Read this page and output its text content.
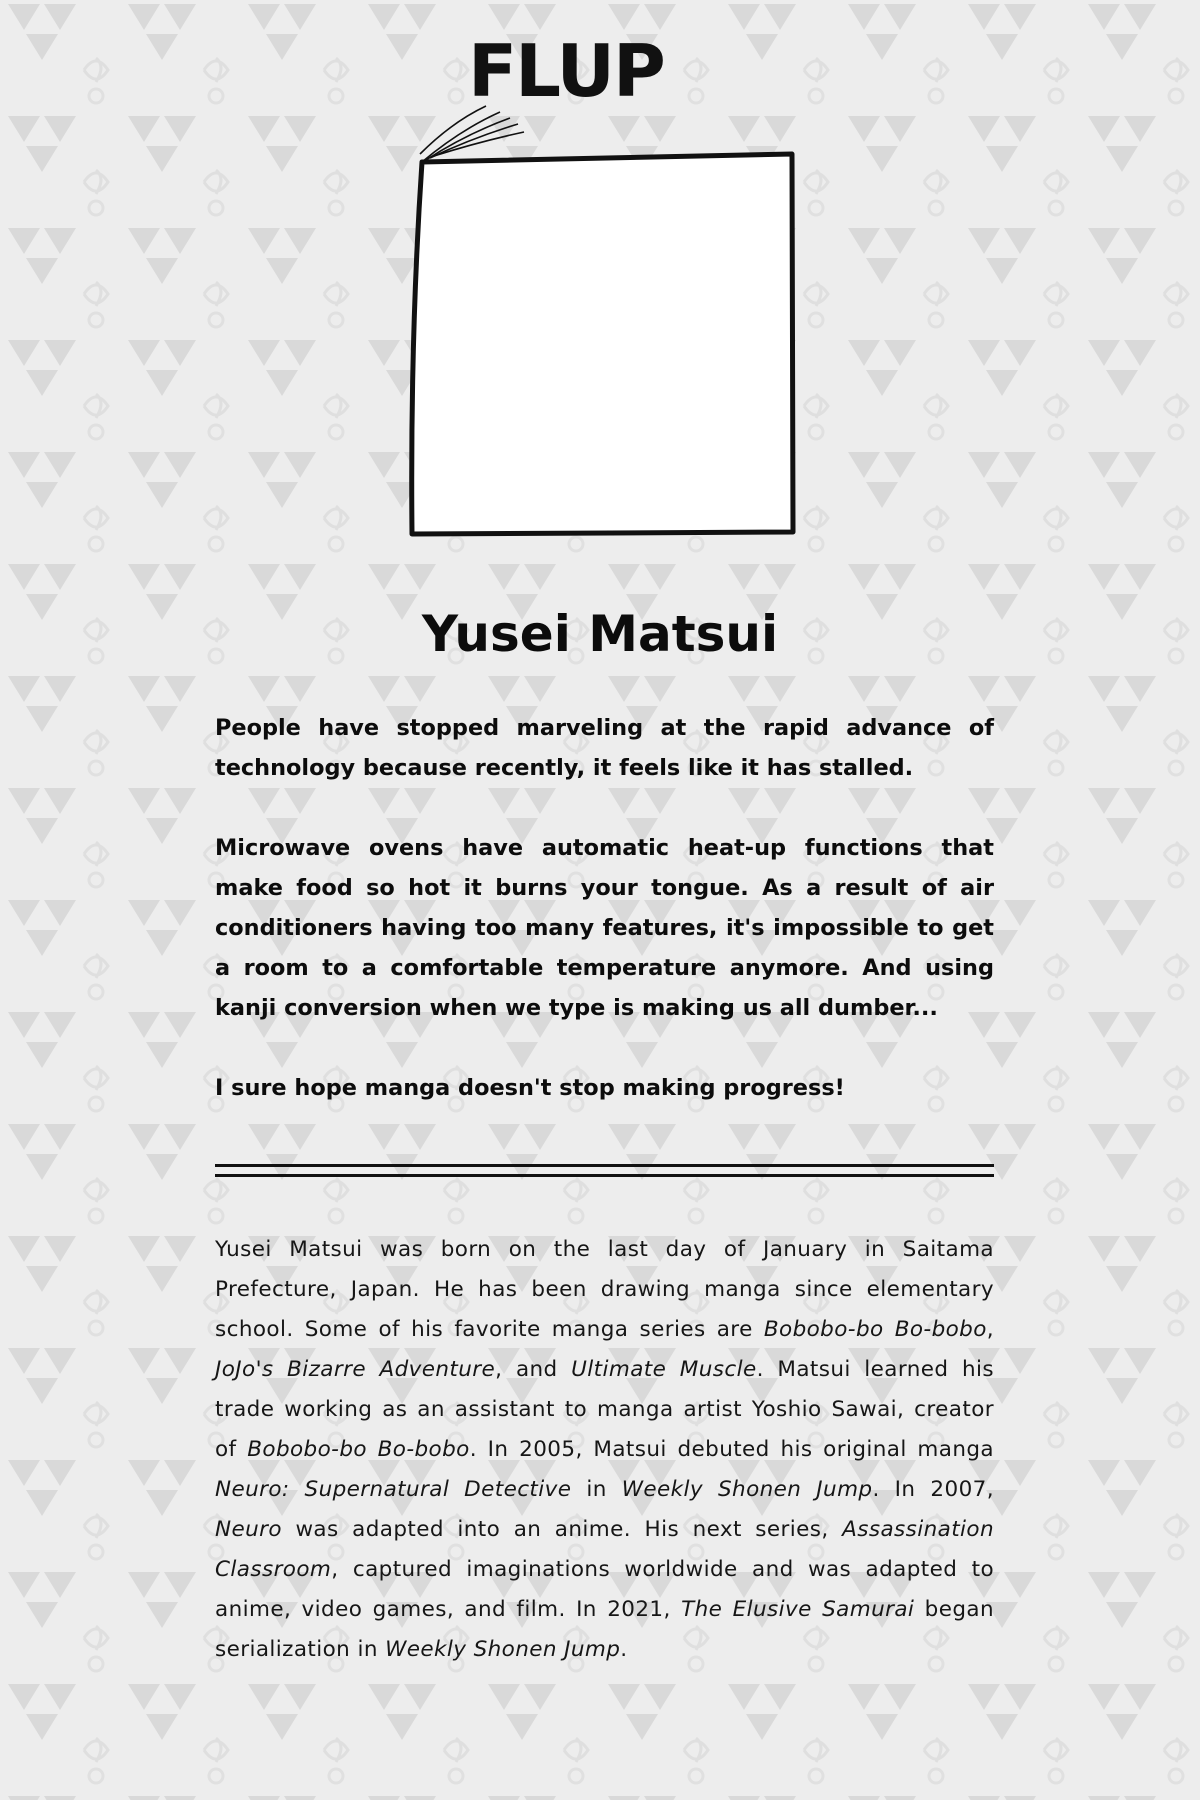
FLUP
Yusei Matsui

People have stopped marveling at the rapid advance of technology because recently, it feels like it has stalled.

Microwave ovens have automatic heat-up functions that make food so hot it burns your tongue. As a result of air conditioners having too many features, it's impossible to get a room to a comfortable temperature anymore. And using kanji conversion when we type is making us all dumber...

I sure hope manga doesn't stop making progress!

Yusei Matsui was born on the last day of January in Saitama Prefecture, Japan. He has been drawing manga since elementary school. Some of his favorite manga series are Bobobo-bo Bo-bobo, JoJo's Bizarre Adventure, and Ultimate Muscle. Matsui learned his trade working as an assistant to manga artist Yoshio Sawai, creator of Bobobo-bo Bo-bobo. In 2005, Matsui debuted his original manga Neuro: Supernatural Detective in Weekly Shonen Jump. In 2007, Neuro was adapted into an anime. His next series, Assassination Classroom, captured imaginations worldwide and was adapted to anime, video games, and film. In 2021, The Elusive Samurai began serialization in Weekly Shonen Jump.
